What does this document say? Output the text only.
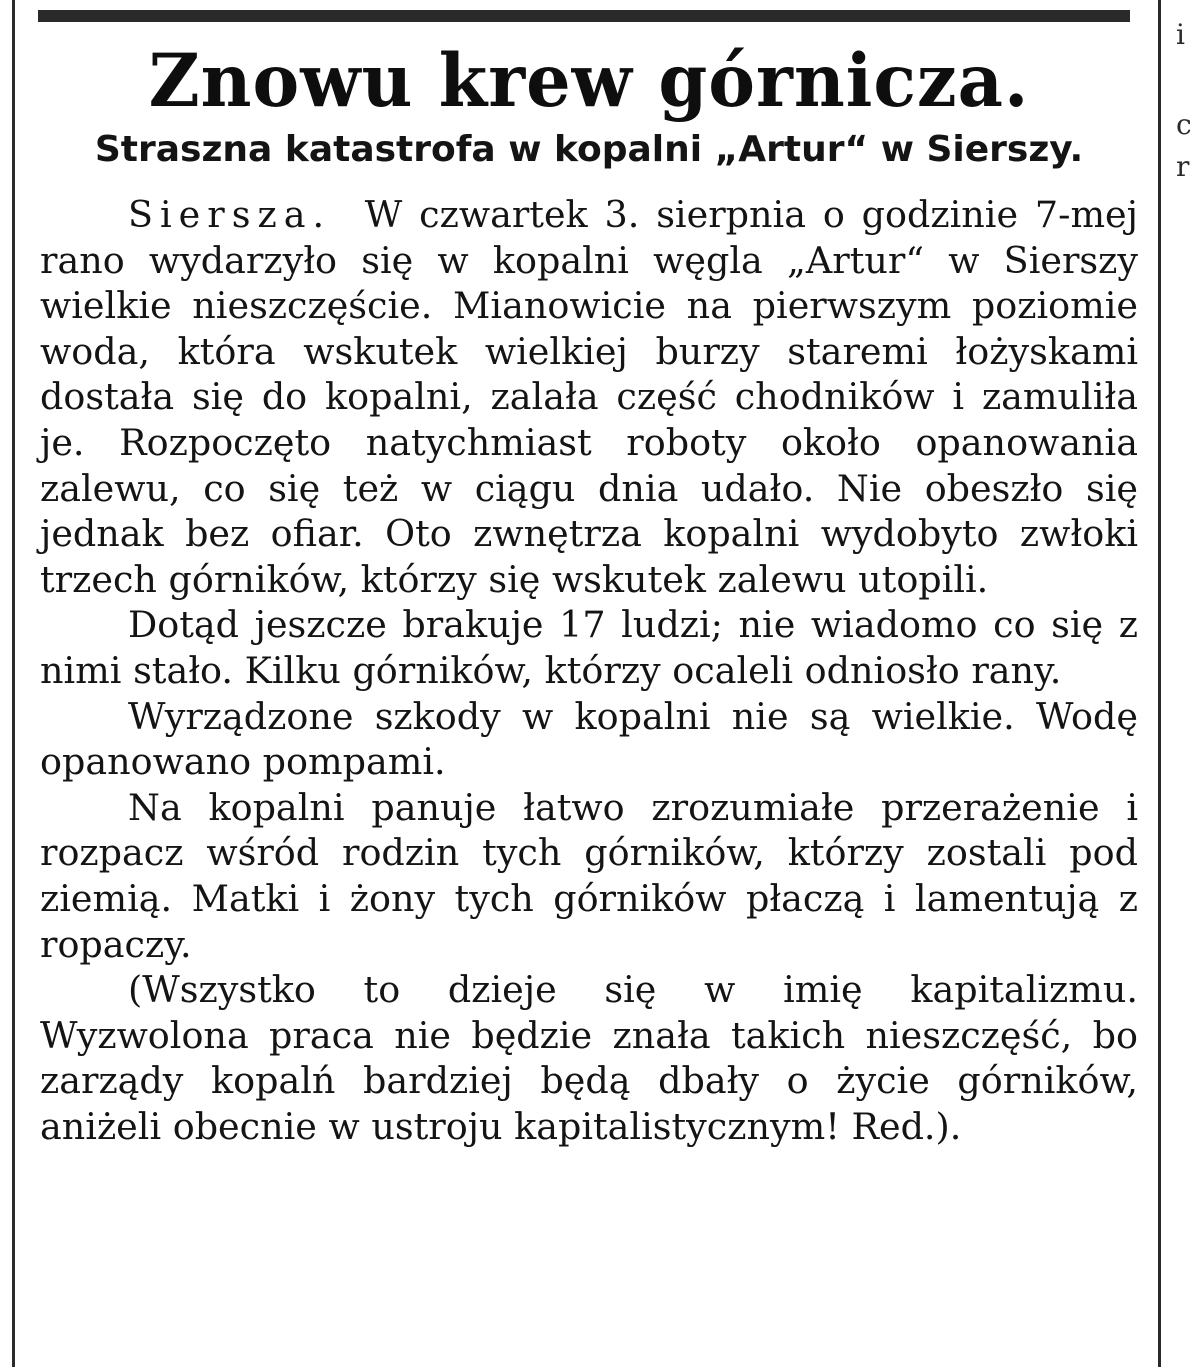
i
c
r
Znowu krew górnicza.
Straszna katastrofa w kopalni „Artur“ w Sierszy.

Siersza. W czwartek 3. sierpnia o godzinie 7-mej rano wydarzyło się w kopalni węgla „Artur“ w Sierszy wielkie nieszczęście. Mianowicie na pierwszym poziomie woda, która wskutek wielkiej burzy staremi łożyskami dostała się do kopalni, zalała część chodników i zamuliła je. Rozpoczęto natychmiast roboty około opanowania zalewu, co się też w ciągu dnia udało. Nie obeszło się jednak bez ofiar. Oto zwnętrza kopalni wydobyto zwłoki trzech górników, którzy się wskutek zalewu utopili.

Dotąd jeszcze brakuje 17 ludzi; nie wiadomo co się z nimi stało. Kilku górników, którzy ocaleli odniosło rany.

Wyrządzone szkody w kopalni nie są wielkie. Wodę opanowano pompami.

Na kopalni panuje łatwo zrozumiałe przerażenie i rozpacz wśród rodzin tych górników, którzy zostali pod ziemią. Matki i żony tych górników płaczą i lamentują z ropaczy.

(Wszystko to dzieje się w imię kapitalizmu. Wyzwolona praca nie będzie znała takich nieszczęść, bo zarządy kopalń bardziej będą dbały o życie górników, aniżeli obecnie w ustroju kapitalistycznym! Red.).
